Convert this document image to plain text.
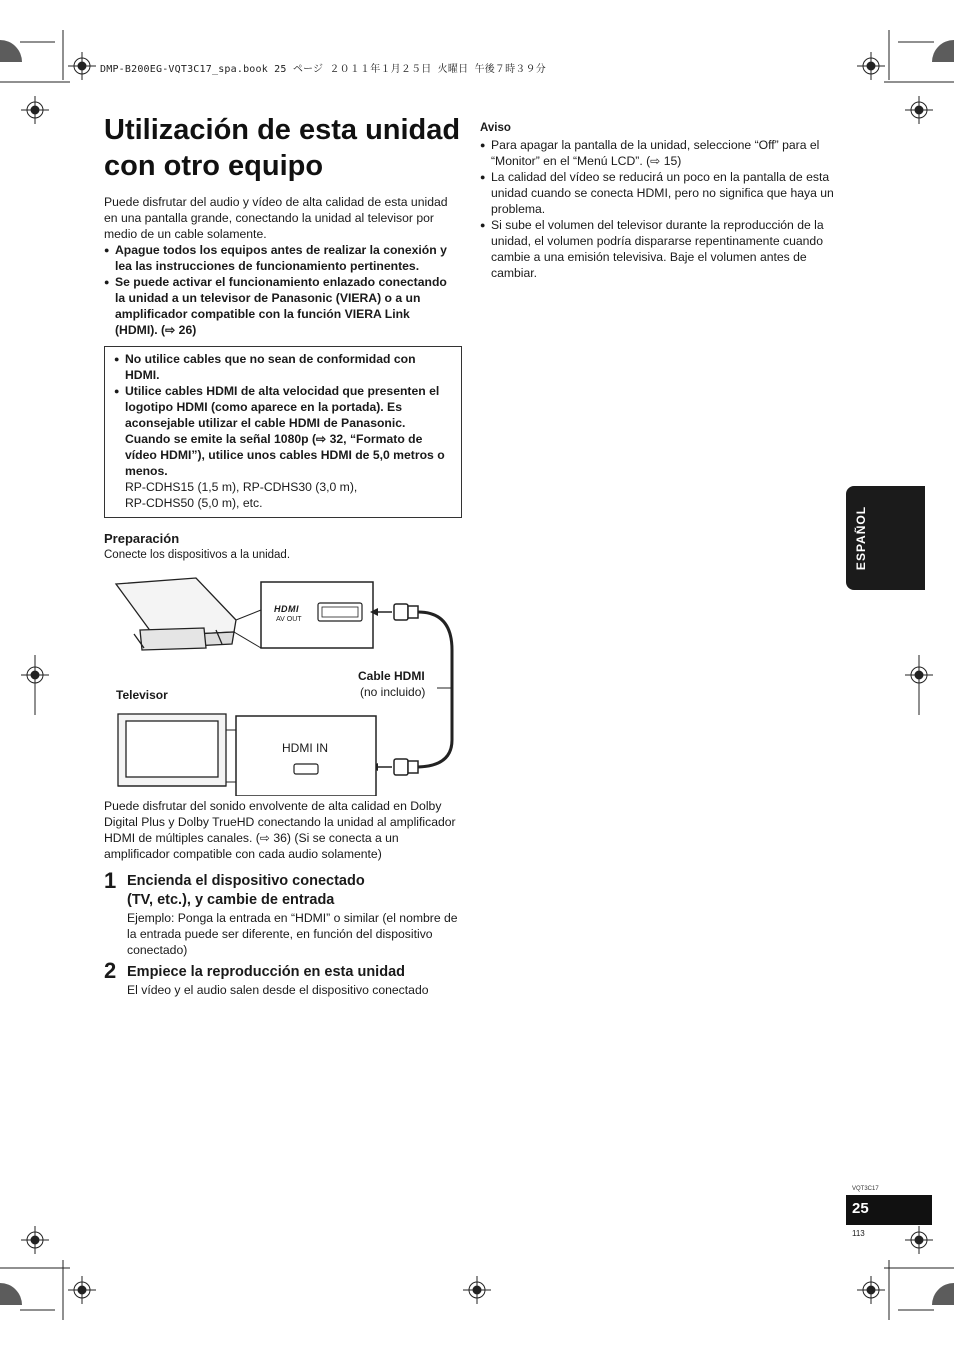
DMP-B200EG-VQT3C17_spa.book 25 ページ ２０１１年１月２５日 火曜日 午後７時３９分
Utilización de esta unidad
con otro equipo
Puede disfrutar del audio y vídeo de alta calidad de esta unidad en una pantalla grande, conectando la unidad al televisor por medio de un cable solamente.
● Apague todos los equipos antes de realizar la conexión y lea las instrucciones de funcionamiento pertinentes.
● Se puede activar el funcionamiento enlazado conectando la unidad a un televisor de Panasonic (VIERA) o a un amplificador compatible con la función VIERA Link (HDMI). (⇨ 26)
● No utilice cables que no sean de conformidad con HDMI.
● Utilice cables HDMI de alta velocidad que presenten el logotipo HDMI (como aparece en la portada). Es aconsejable utilizar el cable HDMI de Panasonic. Cuando se emite la señal 1080p (⇨ 32, “Formato de vídeo HDMI”), utilice unos cables HDMI de 5,0 metros o menos.
RP-CDHS15 (1,5 m), RP-CDHS30 (3,0 m),
RP-CDHS50 (5,0 m), etc.
Preparación
Conecte los dispositivos a la unidad.
HDMI
AV OUT
Cable HDMI
(no incluido)
Televisor
HDMI IN
Puede disfrutar del sonido envolvente de alta calidad en Dolby Digital Plus y Dolby TrueHD conectando la unidad al amplificador HDMI de múltiples canales. (⇨ 36) (Si se conecta a un amplificador compatible con cada audio solamente)
1 Encienda el dispositivo conectado
(TV, etc.), y cambie de entrada
Ejemplo: Ponga la entrada en “HDMI” o similar (el nombre de la entrada puede ser diferente, en función del dispositivo conectado)
2 Empiece la reproducción en esta unidad
El vídeo y el audio salen desde el dispositivo conectado
Aviso
● Para apagar la pantalla de la unidad, seleccione “Off” para el “Monitor” en el “Menú LCD”. (⇨ 15)
● La calidad del vídeo se reducirá un poco en la pantalla de esta unidad cuando se conecta HDMI, pero no significa que haya un problema.
● Si sube el volumen del televisor durante la reproducción de la unidad, el volumen podría dispararse repentinamente cuando cambie a una emisión televisiva. Baje el volumen antes de cambiar.
ESPAÑOL
VQT3C17
25
113
